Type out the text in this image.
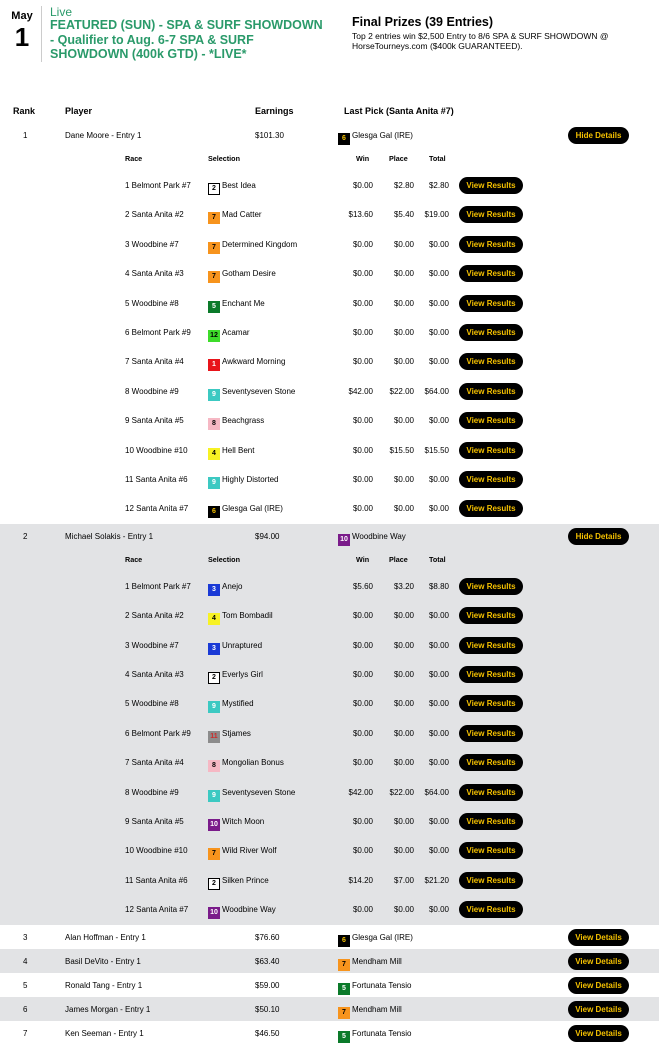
May
1
Live
FEATURED (SUN) - SPA & SURF SHOWDOWN - Qualifier to Aug. 6-7 SPA & SURF SHOWDOWN (400k GTD) - *LIVE*
Final Prizes (39 Entries)
Top 2 entries win $2,500 Entry to 8/6 SPA & SURF SHOWDOWN @ HorseTourneys.com ($400k GUARANTEED).
Rank	Player	Earnings	Last Pick (Santa Anita #7)
1	Dane Moore - Entry 1	$101.30	6 Glesga Gal (IRE)	Hide Details
Race	Selection	Win	Place	Total
1 Belmont Park #7	2 Best Idea	$0.00	$2.80 $2.80	View Results
2 Santa Anita #2	7 Mad Catter	$13.60	$5.40 $19.00	View Results
3 Woodbine #7	7 Determined Kingdom	$0.00	$0.00 $0.00	View Results
4 Santa Anita #3	7 Gotham Desire	$0.00	$0.00 $0.00	View Results
5 Woodbine #8	5 Enchant Me	$0.00	$0.00 $0.00	View Results
6 Belmont Park #9	12 Acamar	$0.00	$0.00 $0.00	View Results
7 Santa Anita #4	1 Awkward Morning	$0.00	$0.00 $0.00	View Results
8 Woodbine #9	9 Seventyseven Stone	$42.00 $22.00 $64.00	View Results
9 Santa Anita #5	8 Beachgrass	$0.00	$0.00 $0.00	View Results
10 Woodbine #10	4 Hell Bent	$0.00 $15.50 $15.50	View Results
11 Santa Anita #6	9 Highly Distorted	$0.00	$0.00 $0.00	View Results
12 Santa Anita #7	6 Glesga Gal (IRE)	$0.00	$0.00 $0.00	View Results
2	Michael Solakis - Entry 1	$94.00	10 Woodbine Way	Hide Details
Race	Selection	Win	Place	Total
1 Belmont Park #7	3 Anejo	$5.60	$3.20 $8.80	View Results
2 Santa Anita #2	4 Tom Bombadil	$0.00	$0.00 $0.00	View Results
3 Woodbine #7	3 Unraptured	$0.00	$0.00 $0.00	View Results
4 Santa Anita #3	2 Everlys Girl	$0.00	$0.00 $0.00	View Results
5 Woodbine #8	9 Mystified	$0.00	$0.00 $0.00	View Results
6 Belmont Park #9	11 Stjames	$0.00	$0.00 $0.00	View Results
7 Santa Anita #4	8 Mongolian Bonus	$0.00	$0.00 $0.00	View Results
8 Woodbine #9	9 Seventyseven Stone	$42.00 $22.00 $64.00	View Results
9 Santa Anita #5	10 Witch Moon	$0.00	$0.00 $0.00	View Results
10 Woodbine #10	7 Wild River Wolf	$0.00	$0.00 $0.00	View Results
11 Santa Anita #6	2 Silken Prince	$14.20	$7.00 $21.20	View Results
12 Santa Anita #7	10 Woodbine Way	$0.00	$0.00 $0.00	View Results
3	Alan Hoffman - Entry 1	$76.60	6 Glesga Gal (IRE)	View Details
4	Basil DeVito - Entry 1	$63.40	7 Mendham Mill	View Details
5	Ronald Tang - Entry 1	$59.00	5 Fortunata Tensio	View Details
6	James Morgan - Entry 1	$50.10	7 Mendham Mill	View Details
7	Ken Seeman - Entry 1	$46.50	5 Fortunata Tensio	View Details
